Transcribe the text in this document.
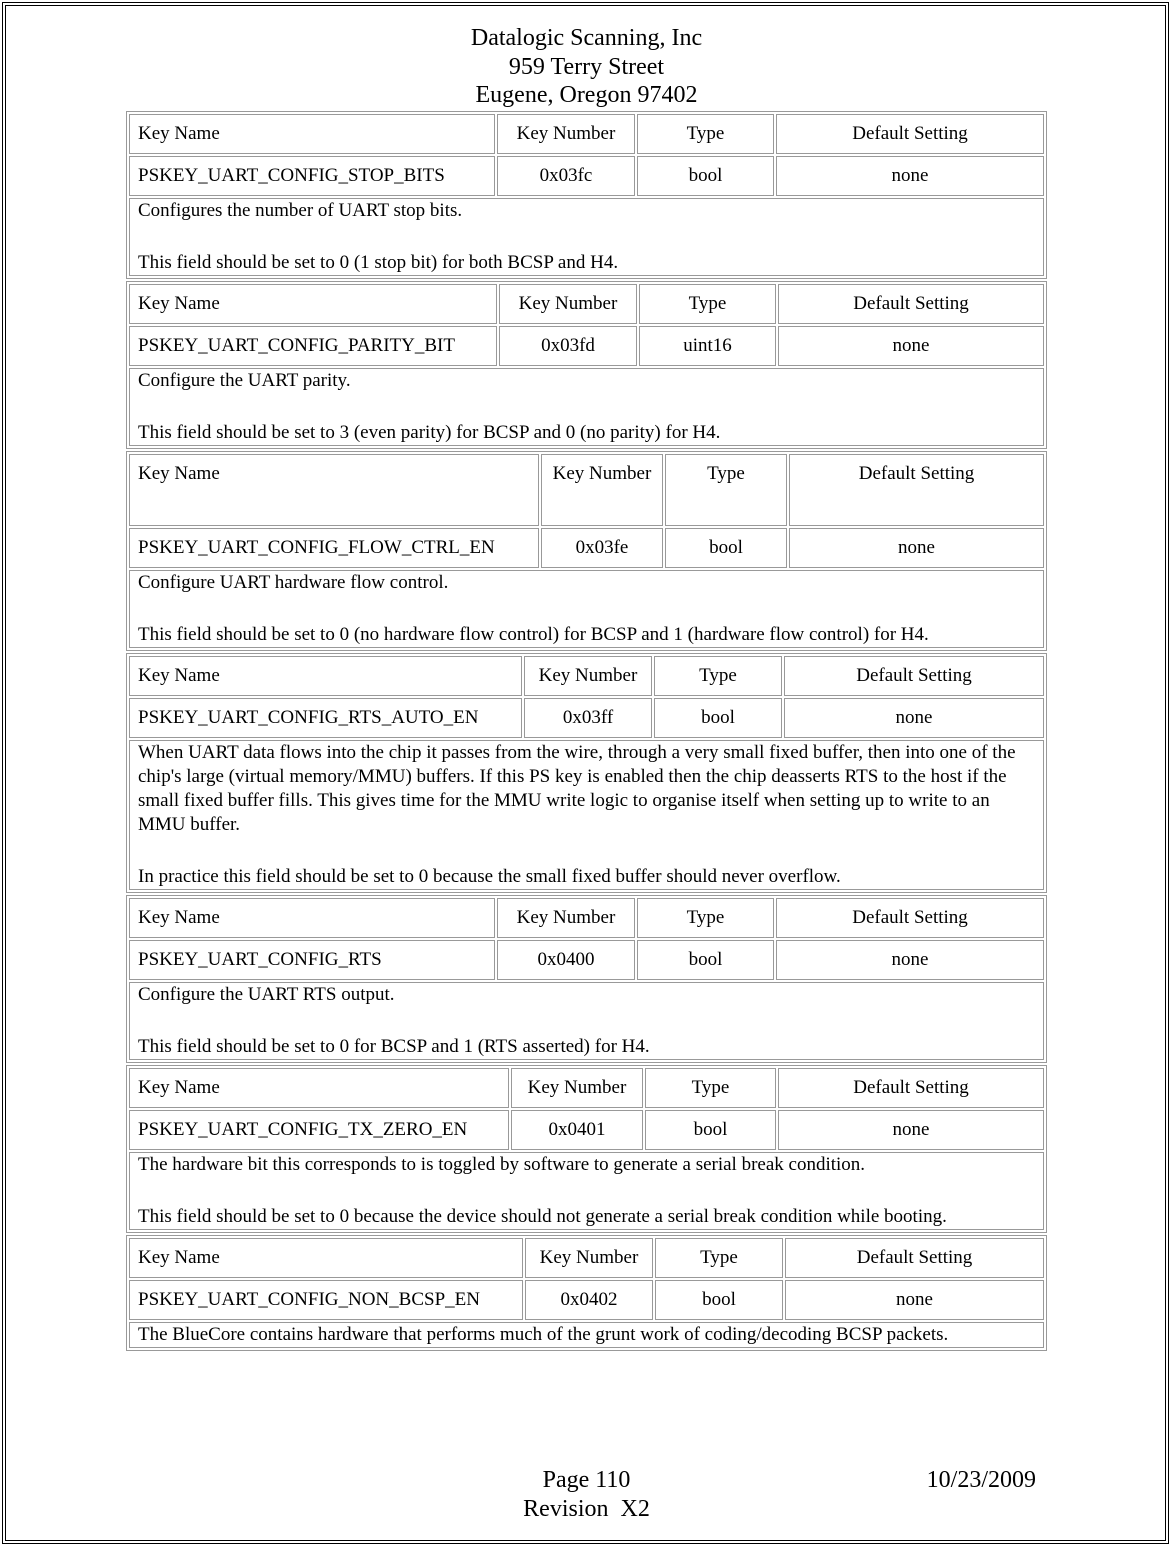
Datalogic Scanning, Inc
959 Terry Street
Eugene, Oregon 97402
Key Name	Key Number	Type	Default Setting
PSKEY_UART_CONFIG_STOP_BITS	0x03fc	bool	none

Configures the number of UART stop bits.

This field should be set to 0 (1 stop bit) for both BCSP and H4.			

Key Name	Key Number	Type	Default Setting
PSKEY_UART_CONFIG_PARITY_BIT	0x03fd	uint16	none

Configure the UART parity.

This field should be set to 3 (even parity) for BCSP and 0 (no parity) for H4.			

Key Name	Key Number	Type	Default Setting
PSKEY_UART_CONFIG_FLOW_CTRL_EN	0x03fe	bool	none

Configure UART hardware flow control.

This field should be set to 0 (no hardware flow control) for BCSP and 1 (hardware flow control) for H4.			

Key Name	Key Number	Type	Default Setting
PSKEY_UART_CONFIG_RTS_AUTO_EN	0x03ff	bool	none

When UART data flows into the chip it passes from the wire, through a very small fixed buffer, then into one of the chip's large (virtual memory/MMU) buffers. If this PS key is enabled then the chip deasserts RTS to the host if the small fixed buffer fills. This gives time for the MMU write logic to organise itself when setting up to write to an MMU buffer.

In practice this field should be set to 0 because the small fixed buffer should never overflow.			

Key Name	Key Number	Type	Default Setting
PSKEY_UART_CONFIG_RTS	0x0400	bool	none

Configure the UART RTS output.

This field should be set to 0 for BCSP and 1 (RTS asserted) for H4.			

Key Name	Key Number	Type	Default Setting
PSKEY_UART_CONFIG_TX_ZERO_EN	0x0401	bool	none

The hardware bit this corresponds to is toggled by software to generate a serial break condition.

This field should be set to 0 because the device should not generate a serial break condition while booting.			

Key Name	Key Number	Type	Default Setting
PSKEY_UART_CONFIG_NON_BCSP_EN	0x0402	bool	none

The BlueCore contains hardware that performs much of the grunt work of coding/decoding BCSP packets.			

Page 110
Revision  X2
10/23/2009
